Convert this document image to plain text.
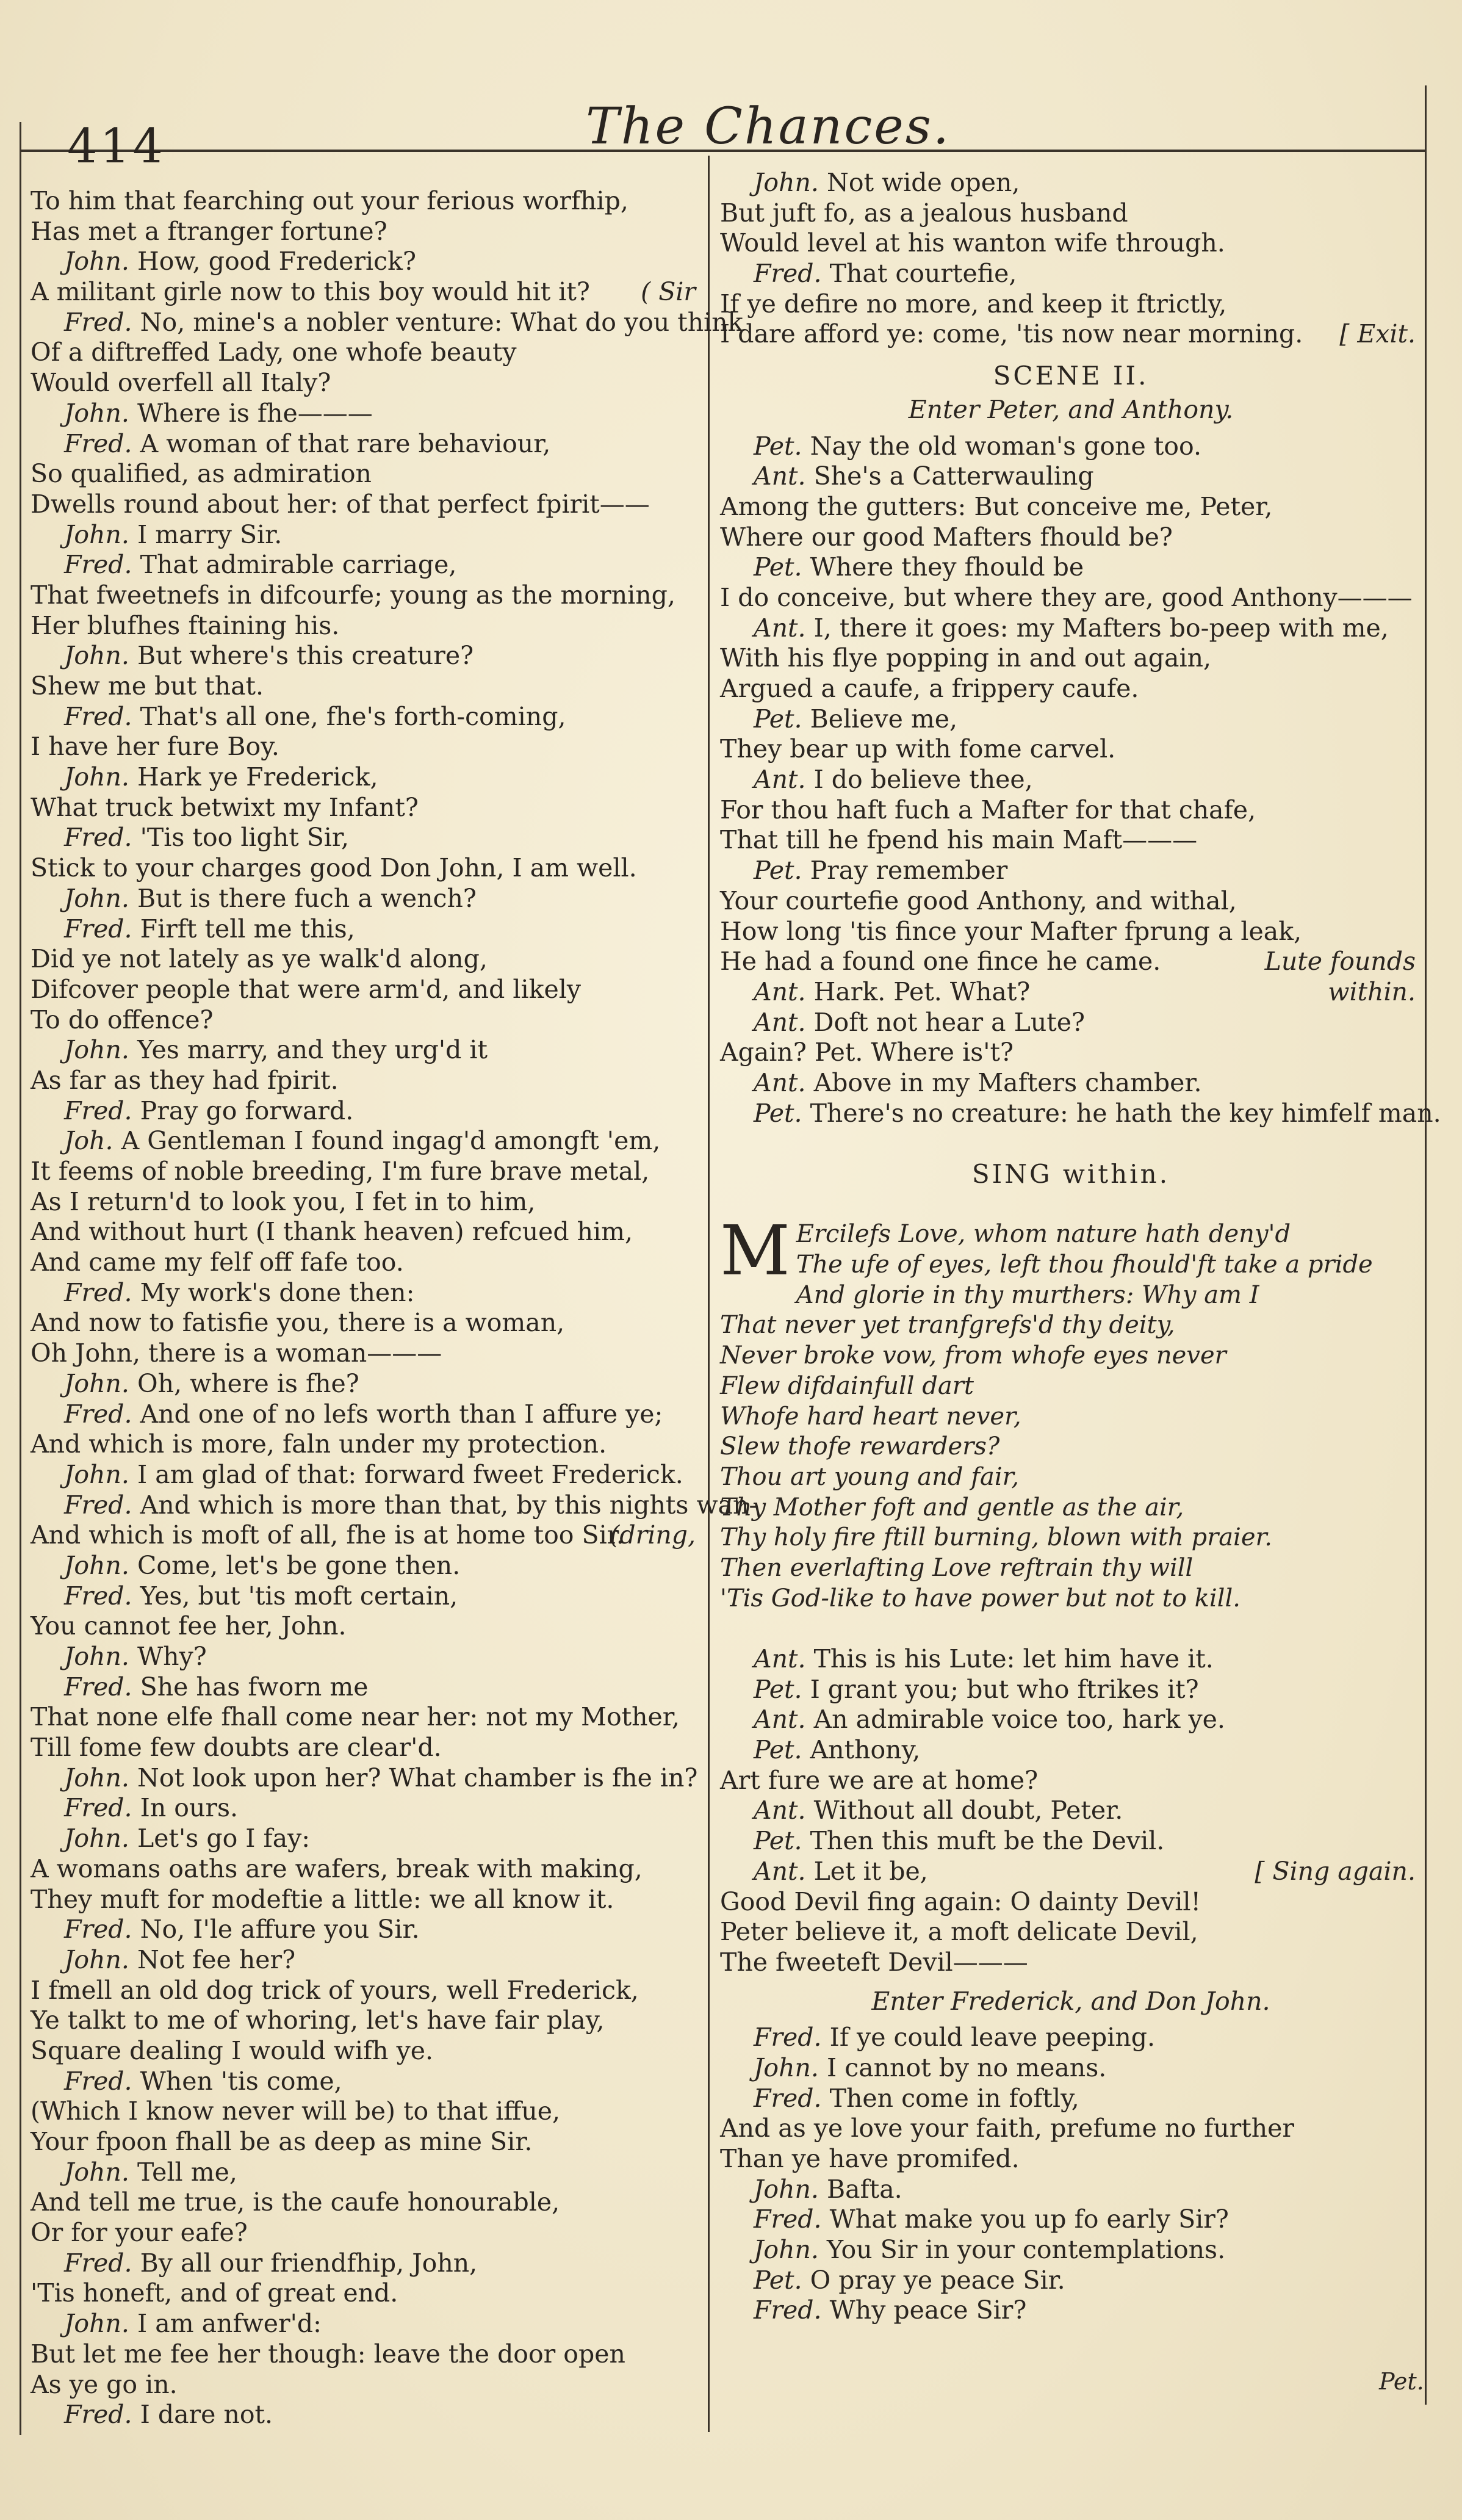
414	The Chances.
To him that fearching out your ferious worfhip,
Has met a ftranger fortune?
John. How, good Frederick?
A militant girle now to this boy would hit it? ( Sir
Fred. No, mine's a nobler venture: What do you think
Of a diftreffed Lady, one whofe beauty
Would overfell all Italy?
John. Where is fhe———
Fred. A woman of that rare behaviour,
So qualified, as admiration
Dwells round about her: of that perfect fpirit——
John. I marry Sir.
Fred. That admirable carriage,
That fweetnefs in difcourfe; young as the morning,
Her blufhes ftaining his.
John. But where's this creature?
Shew me but that.
Fred. That's all one, fhe's forth-coming,
I have her fure Boy.
John. Hark ye Frederick,
What truck betwixt my Infant?
Fred. 'Tis too light Sir,
Stick to your charges good Don John, I am well.
John. But is there fuch a wench?
Fred. Firft tell me this,
Did ye not lately as ye walk'd along,
Difcover people that were arm'd, and likely
To do offence?
John. Yes marry, and they urg'd it
As far as they had fpirit.
Fred. Pray go forward.
Joh. A Gentleman I found ingag'd amongft 'em,
It feems of noble breeding, I'm fure brave metal,
As I return'd to look you, I fet in to him,
And without hurt (I thank heaven) refcued him,
And came my felf off fafe too.
Fred. My work's done then:
And now to fatisfie you, there is a woman,
Oh John, there is a woman———
John. Oh, where is fhe?
Fred. And one of no lefs worth than I affure ye;
And which is more, faln under my protection.
John. I am glad of that: forward fweet Frederick.
Fred. And which is more than that, by this nights wan-
And which is moft of all, fhe is at home too Sir.
(dring,
John. Come, let's be gone then.
Fred. Yes, but 'tis moft certain,
You cannot fee her, John.
John. Why?
Fred. She has fworn me
That none elfe fhall come near her: not my Mother,
Till fome few doubts are clear'd.
John. Not look upon her? What chamber is fhe in?
Fred. In ours.
John. Let's go I fay:
A womans oaths are wafers, break with making,
They muft for modeftie a little: we all know it.
Fred. No, I'le affure you Sir.
John. Not fee her?
I fmell an old dog trick of yours, well Frederick,
Ye talkt to me of whoring, let's have fair play,
Square dealing I would wifh ye.
Fred. When 'tis come,
(Which I know never will be) to that iffue,
Your fpoon fhall be as deep as mine Sir.
John. Tell me,
And tell me true, is the caufe honourable,
Or for your eafe?
Fred. By all our friendfhip, John,
'Tis honeft, and of great end.
John. I am anfwer'd:
But let me fee her though: leave the door open
As ye go in.
Fred. I dare not.
John. Not wide open,
But juft fo, as a jealous husband
Would level at his wanton wife through.
Fred. That courtefie,
If ye defire no more, and keep it ftrictly,
I dare afford ye: come, 'tis now near morning. [ Exit.
SCENE II.
Enter Peter, and Anthony.
Pet. Nay the old woman's gone too.
Ant. She's a Catterwauling
Among the gutters: But conceive me, Peter,
Where our good Mafters fhould be?
Pet. Where they fhould be
I do conceive, but where they are, good Anthony———
Ant. I, there it goes: my Mafters bo-peep with me,
With his flye popping in and out again,
Argued a caufe, a frippery caufe.
Pet. Believe me,
They bear up with fome carvel.
Ant. I do believe thee,
For thou haft fuch a Mafter for that chafe,
That till he fpend his main Maft———
Pet. Pray remember
Your courtefie good Anthony, and withal,
How long 'tis fince your Mafter fprung a leak,
He had a found one fince he came.	Lute founds
Ant. Hark. Pet. What?	within.
Ant. Doft not hear a Lute?
Again? Pet. Where is't?
Ant. Above in my Mafters chamber.
Pet. There's no creature: he hath the key himfelf man.
SING within.
M Ercilefs Love, whom nature hath deny'd
The ufe of eyes, left thou fhould'ft take a pride
And glorie in thy murthers: Why am I
That never yet tranfgrefs'd thy deity,
Never broke vow, from whofe eyes never
Flew difdainfull dart
Whofe hard heart never,
Slew thofe rewarders?
Thou art young and fair,
Thy Mother foft and gentle as the air,
Thy holy fire ftill burning, blown with praier.
Then everlafting Love reftrain thy will
'Tis God-like to have power but not to kill.
Ant. This is his Lute: let him have it.
Pet. I grant you; but who ftrikes it?
Ant. An admirable voice too, hark ye.
Pet. Anthony,
Art fure we are at home?
Ant. Without all doubt, Peter.
Pet. Then this muft be the Devil.
Ant. Let it be,	[ Sing again.
Good Devil fing again: O dainty Devil!
Peter believe it, a moft delicate Devil,
The fweeteft Devil———
Enter Frederick, and Don John.
Fred. If ye could leave peeping.
John. I cannot by no means.
Fred. Then come in foftly,
And as ye love your faith, prefume no further
Than ye have promifed.
John. Bafta.
Fred. What make you up fo early Sir?
John. You Sir in your contemplations.
Pet. O pray ye peace Sir.
Fred. Why peace Sir?
Pet.
